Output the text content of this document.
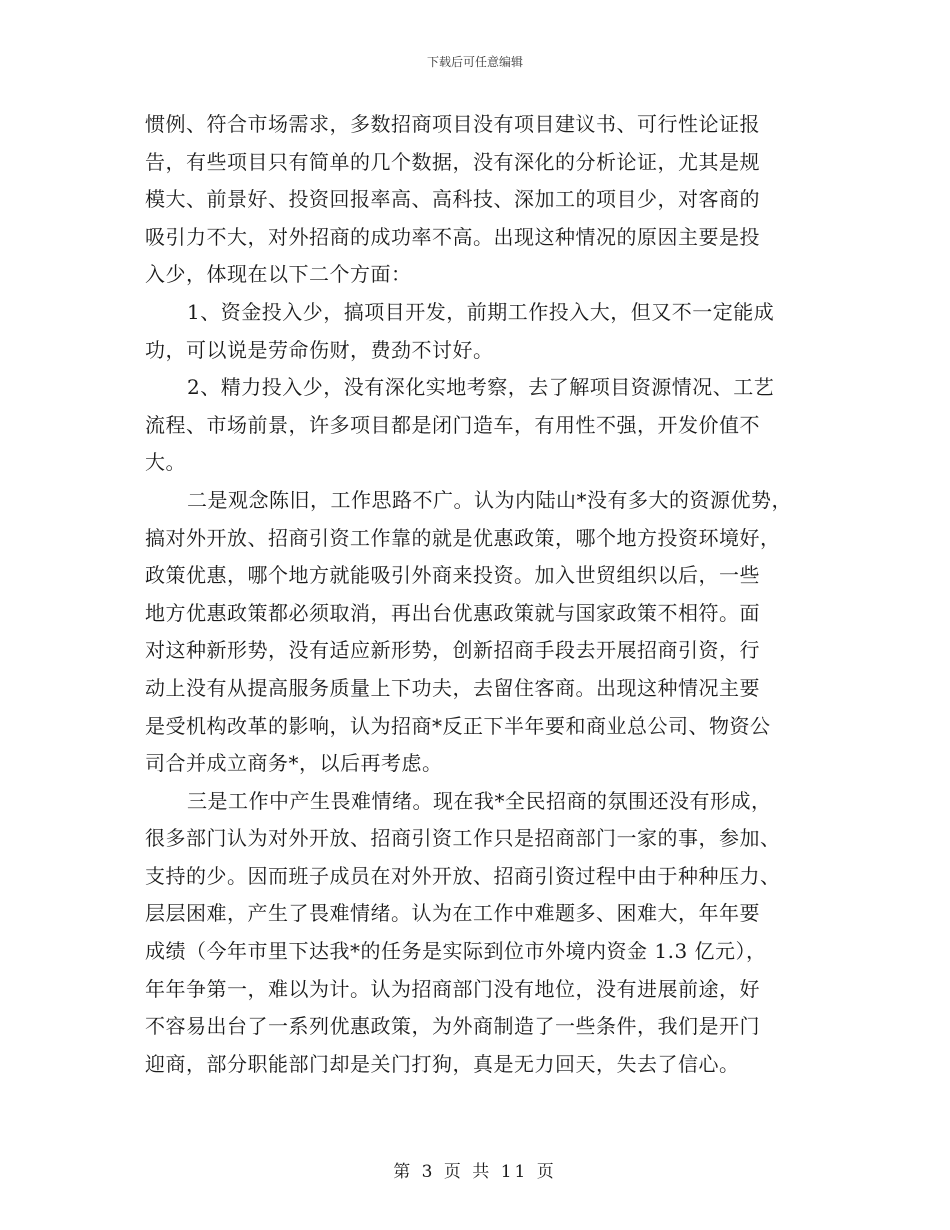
下载后可任意编辑
惯例、符合市场需求，多数招商项目没有项目建议书、可行性论证报
告，有些项目只有简单的几个数据，没有深化的分析论证，尤其是规
模大、前景好、投资回报率高、高科技、深加工的项目少，对客商的
吸引力不大，对外招商的成功率不高。出现这种情况的原因主要是投
入少，体现在以下二个方面：
1、资金投入少，搞项目开发，前期工作投入大，但又不一定能成
功，可以说是劳命伤财，费劲不讨好。
2、精力投入少，没有深化实地考察，去了解项目资源情况、工艺
流程、市场前景，许多项目都是闭门造车，有用性不强，开发价值不
大。
二是观念陈旧，工作思路不广。认为内陆山*没有多大的资源优势，
搞对外开放、招商引资工作靠的就是优惠政策，哪个地方投资环境好，
政策优惠，哪个地方就能吸引外商来投资。加入世贸组织以后，一些
地方优惠政策都必须取消，再出台优惠政策就与国家政策不相符。面
对这种新形势，没有适应新形势，创新招商手段去开展招商引资，行
动上没有从提高服务质量上下功夫，去留住客商。出现这种情况主要
是受机构改革的影响，认为招商*反正下半年要和商业总公司、物资公
司合并成立商务*，以后再考虑。
三是工作中产生畏难情绪。现在我*全民招商的氛围还没有形成，
很多部门认为对外开放、招商引资工作只是招商部门一家的事，参加、
支持的少。因而班子成员在对外开放、招商引资过程中由于种种压力、
层层困难，产生了畏难情绪。认为在工作中难题多、困难大，年年要
成绩（今年市里下达我*的任务是实际到位市外境内资金 1.3 亿元），
年年争第一，难以为计。认为招商部门没有地位，没有进展前途，好
不容易出台了一系列优惠政策，为外商制造了一些条件，我们是开门
迎商，部分职能部门却是关门打狗，真是无力回天，失去了信心。
第 3 页 共 11 页
